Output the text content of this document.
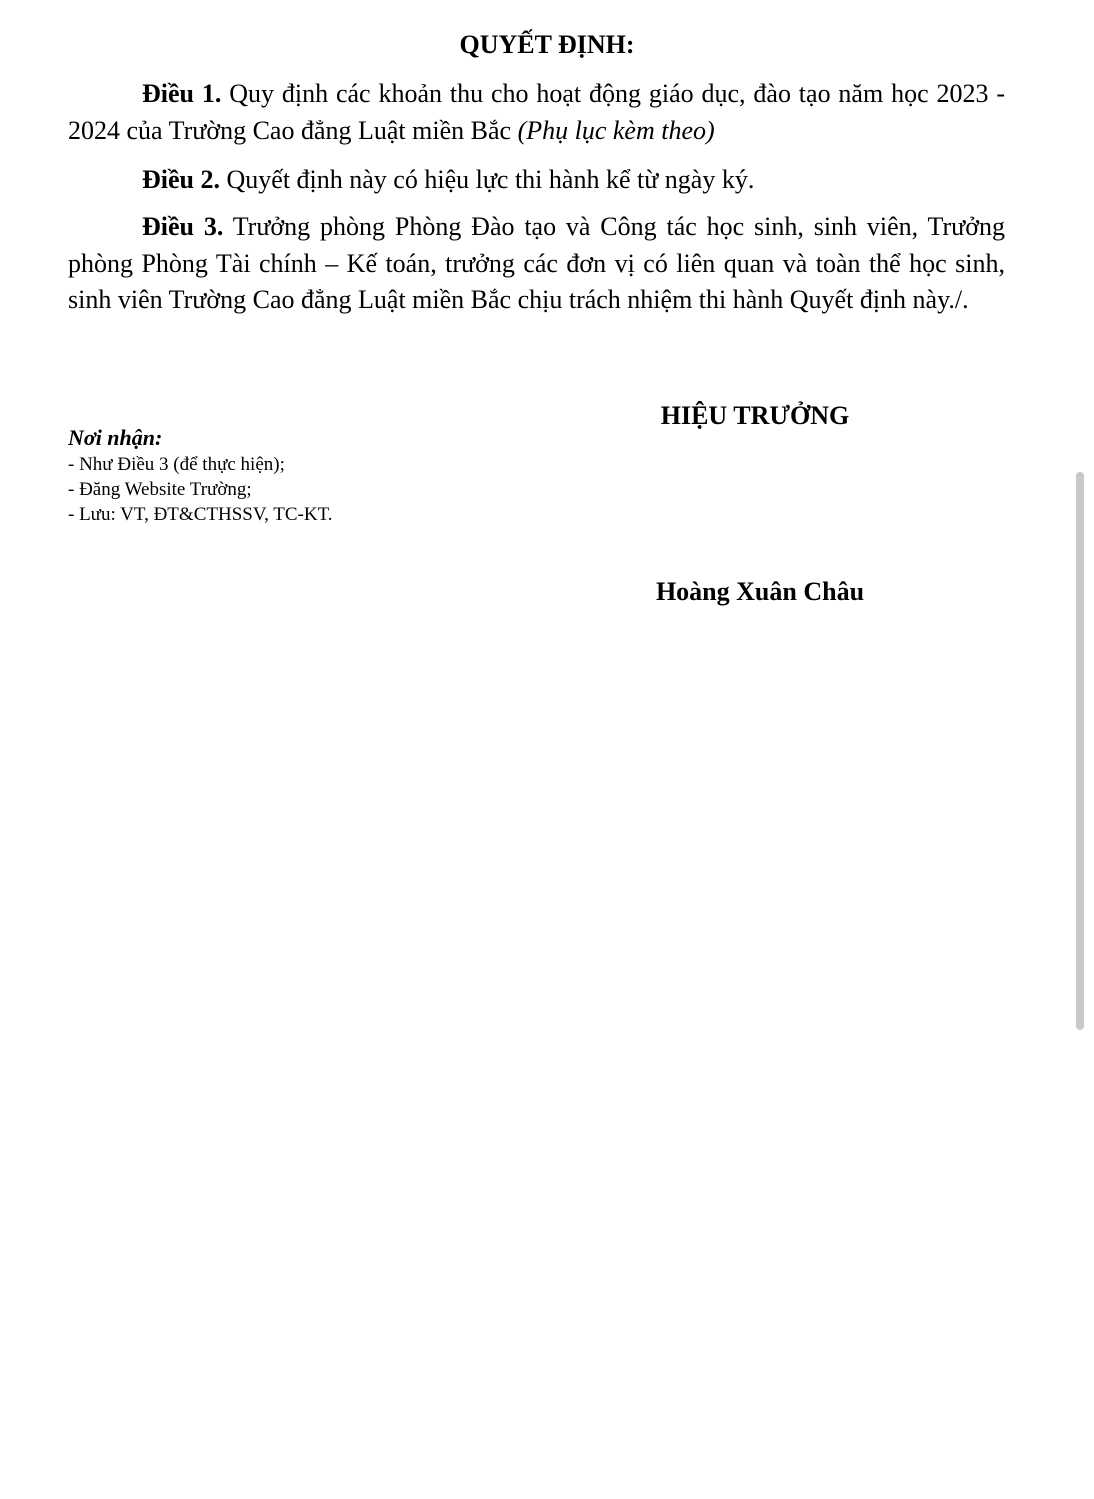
QUYẾT ĐỊNH:

Điều 1. Quy định các khoản thu cho hoạt động giáo dục, đào tạo năm học 2023 - 2024 của Trường Cao đẳng Luật miền Bắc (Phụ lục kèm theo)

Điều 2. Quyết định này có hiệu lực thi hành kể từ ngày ký.

Điều 3. Trưởng phòng Phòng Đào tạo và Công tác học sinh, sinh viên, Trưởng phòng Phòng Tài chính – Kế toán, trưởng các đơn vị có liên quan và toàn thể học sinh, sinh viên Trường Cao đẳng Luật miền Bắc chịu trách nhiệm thi hành Quyết định này./.

HIỆU TRƯỞNG
Nơi nhận:
- Như Điều 3 (để thực hiện);
- Đăng Website Trường;
- Lưu: VT, ĐT&CTHSSV, TC-KT.
Hoàng Xuân Châu
